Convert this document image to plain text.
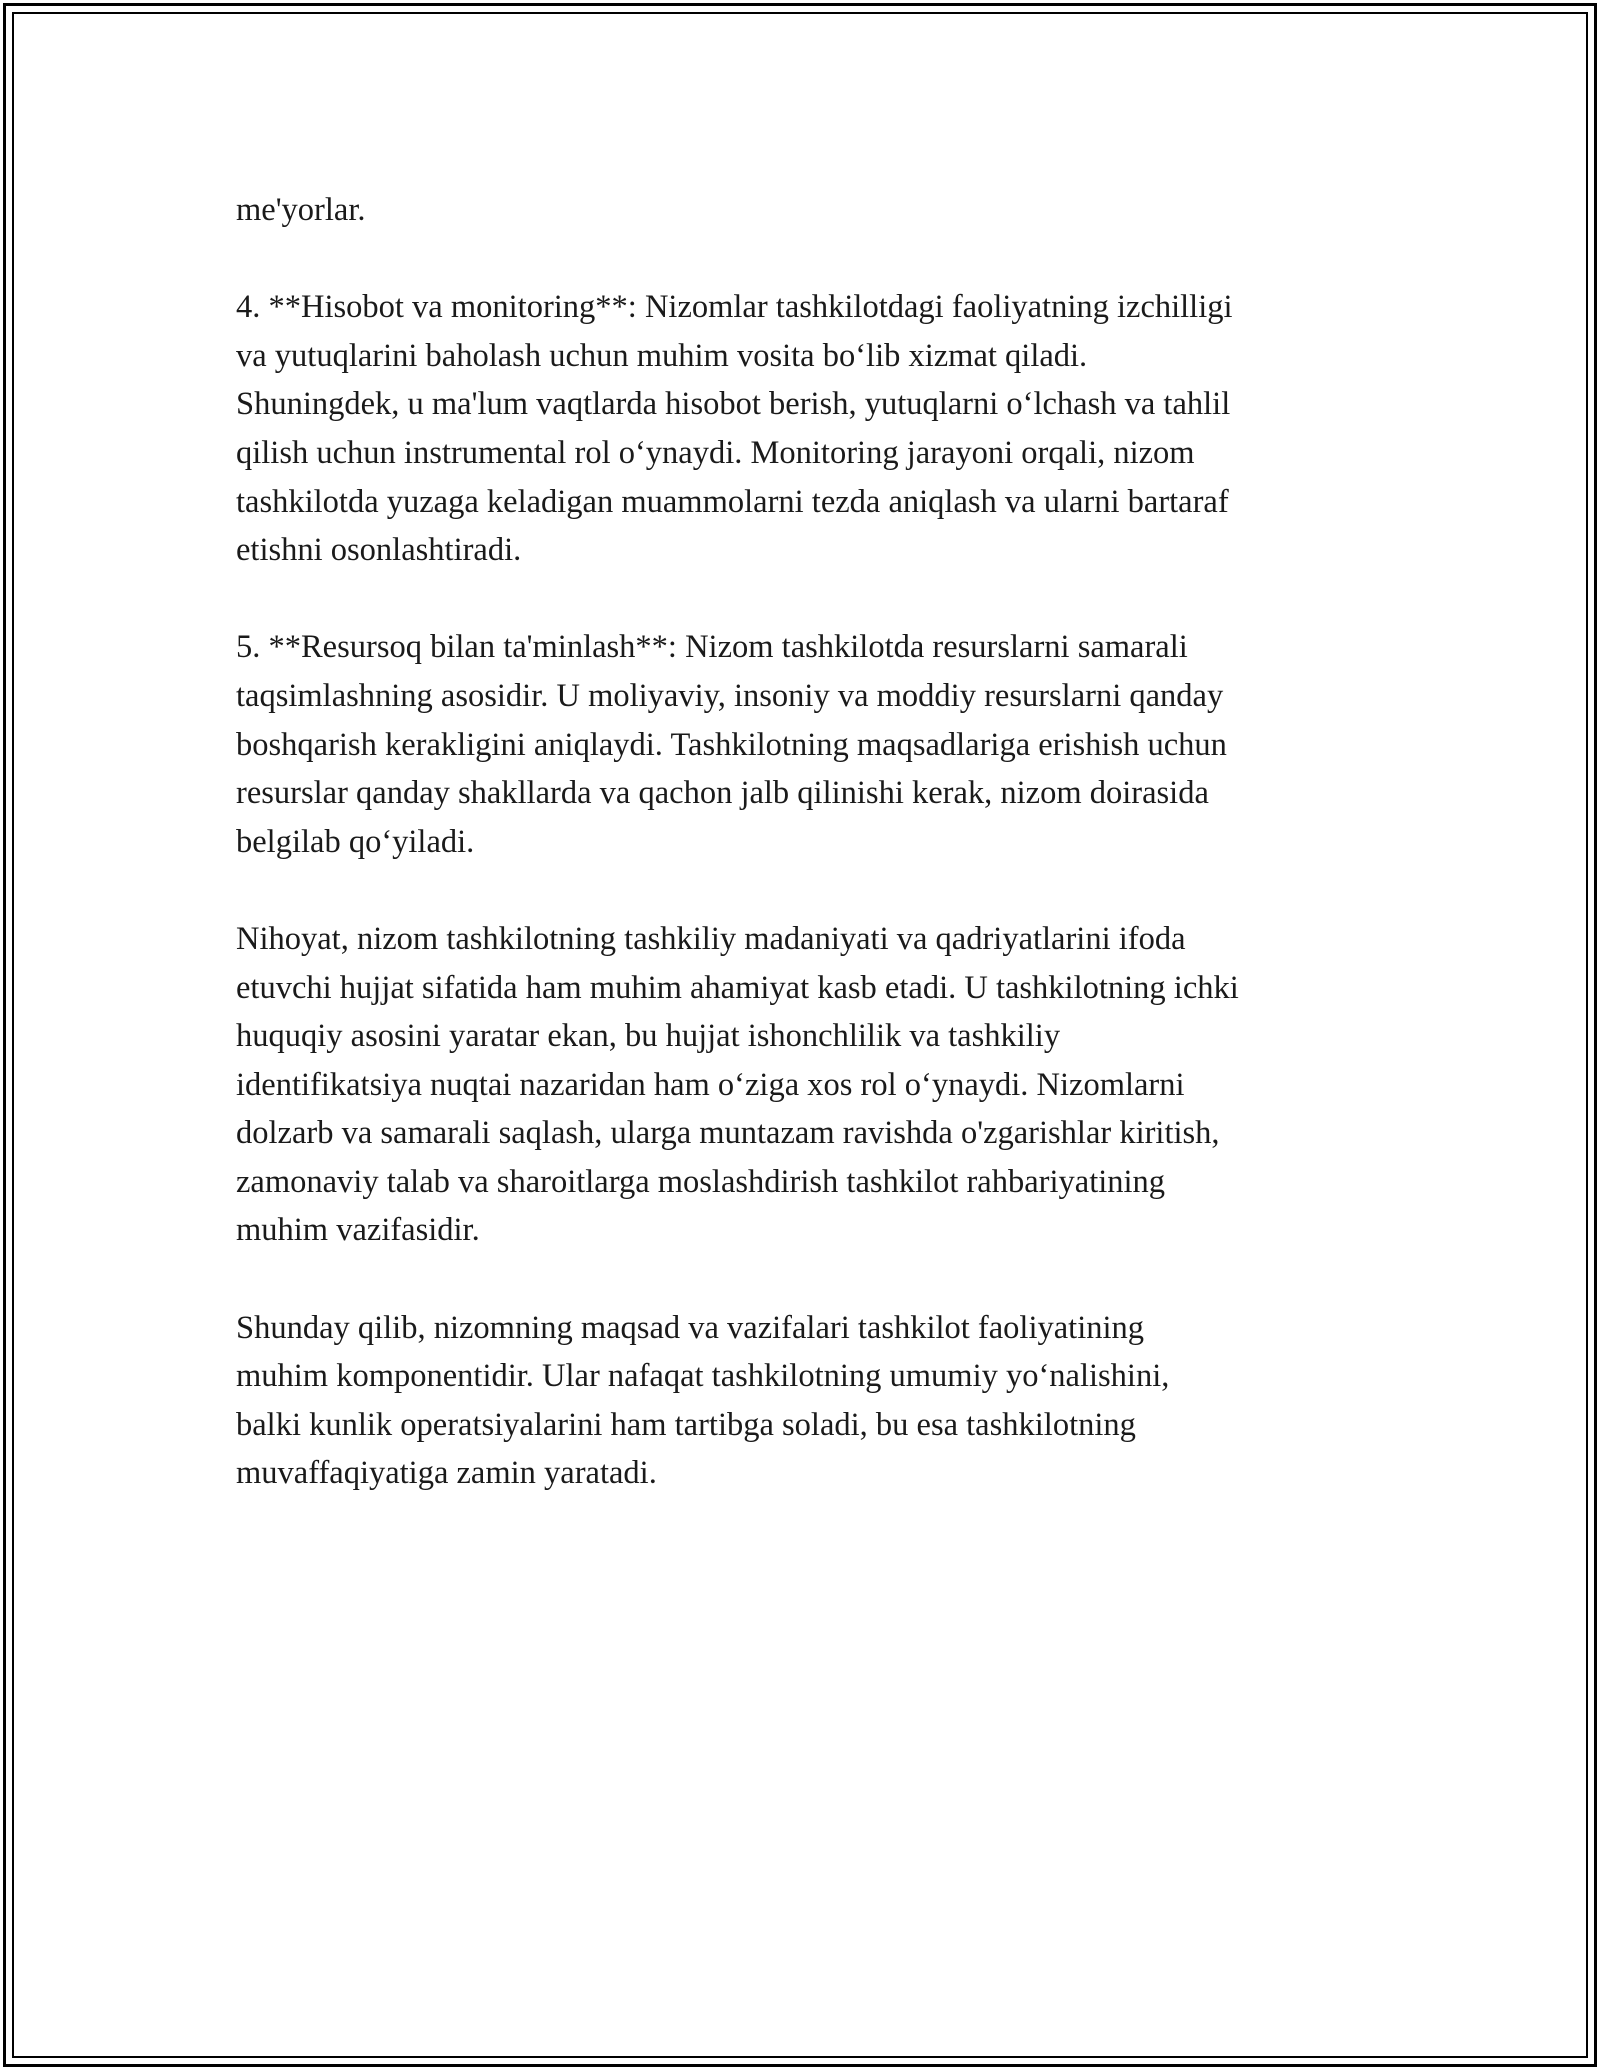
me'yorlar.

4. **Hisobot va monitoring**: Nizomlar tashkilotdagi faoliyatning izchilligi
va yutuqlarini baholash uchun muhim vosita bo‘lib xizmat qiladi.
Shuningdek, u ma'lum vaqtlarda hisobot berish, yutuqlarni o‘lchash va tahlil
qilish uchun instrumental rol o‘ynaydi. Monitoring jarayoni orqali, nizom
tashkilotda yuzaga keladigan muammolarni tezda aniqlash va ularni bartaraf
etishni osonlashtiradi.

5. **Resursoq bilan ta'minlash**: Nizom tashkilotda resurslarni samarali
taqsimlashning asosidir. U moliyaviy, insoniy va moddiy resurslarni qanday
boshqarish kerakligini aniqlaydi. Tashkilotning maqsadlariga erishish uchun
resurslar qanday shakllarda va qachon jalb qilinishi kerak, nizom doirasida
belgilab qo‘yiladi.

Nihoyat, nizom tashkilotning tashkiliy madaniyati va qadriyatlarini ifoda
etuvchi hujjat sifatida ham muhim ahamiyat kasb etadi. U tashkilotning ichki
huquqiy asosini yaratar ekan, bu hujjat ishonchlilik va tashkiliy
identifikatsiya nuqtai nazaridan ham o‘ziga xos rol o‘ynaydi. Nizomlarni
dolzarb va samarali saqlash, ularga muntazam ravishda o'zgarishlar kiritish,
zamonaviy talab va sharoitlarga moslashdirish tashkilot rahbariyatining
muhim vazifasidir.

Shunday qilib, nizomning maqsad va vazifalari tashkilot faoliyatining
muhim komponentidir. Ular nafaqat tashkilotning umumiy yo‘nalishini,
balki kunlik operatsiyalarini ham tartibga soladi, bu esa tashkilotning
muvaffaqiyatiga zamin yaratadi.
